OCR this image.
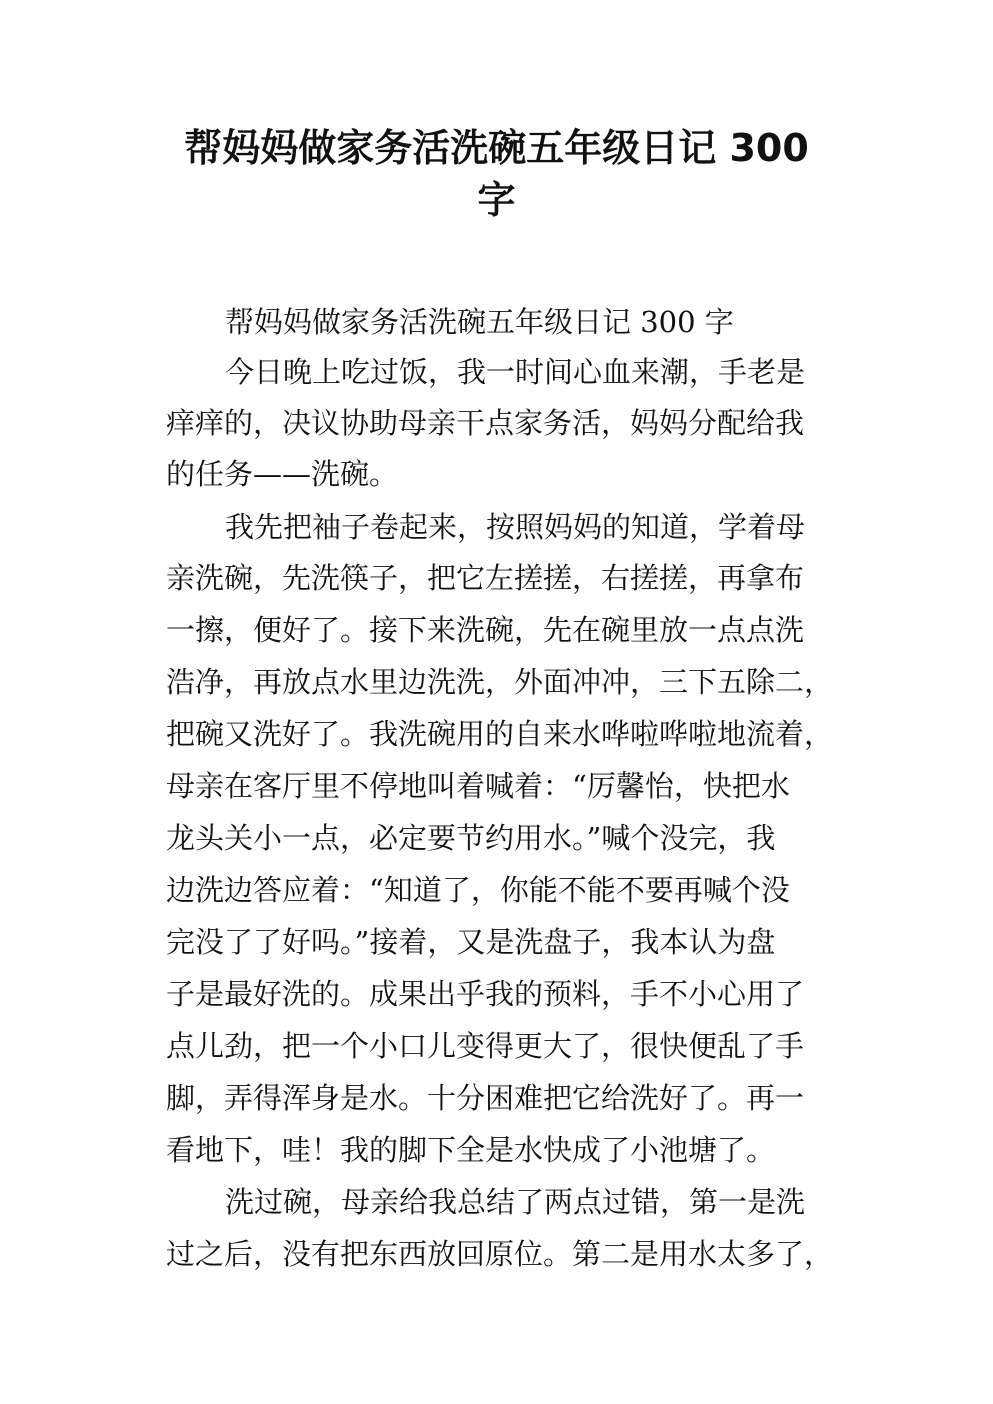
帮妈妈做家务活洗碗五年级日记 300
字

帮妈妈做家务活洗碗五年级日记 300 字

今日晚上吃过饭，我一时间心血来潮，手老是

痒痒的，决议协助母亲干点家务活，妈妈分配给我

的任务——洗碗。

我先把袖子卷起来，按照妈妈的知道，学着母

亲洗碗，先洗筷子，把它左搓搓，右搓搓，再拿布

一擦，便好了。接下来洗碗，先在碗里放一点点洗

浩净，再放点水里边洗洗，外面冲冲，三下五除二，

把碗又洗好了。我洗碗用的自来水哗啦哗啦地流着，

母亲在客厅里不停地叫着喊着：“厉馨怡，快把水

龙头关小一点，必定要节约用水。”喊个没完，我

边洗边答应着：“知道了，你能不能不要再喊个没

完没了了好吗。”接着，又是洗盘子，我本认为盘

子是最好洗的。成果出乎我的预料，手不小心用了

点儿劲，把一个小口儿变得更大了，很快便乱了手

脚，弄得浑身是水。十分困难把它给洗好了。再一

看地下，哇！我的脚下全是水快成了小池塘了。

洗过碗，母亲给我总结了两点过错，第一是洗

过之后，没有把东西放回原位。第二是用水太多了，
